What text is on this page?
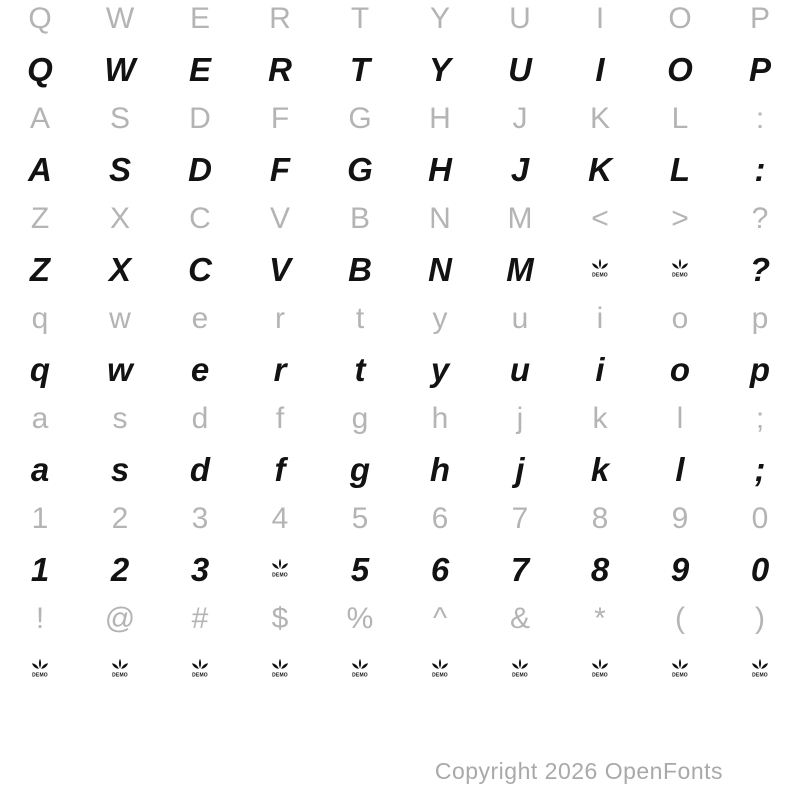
Q W E R T Y U I O P
Q W E R T Y U I O P
A S D F G H J K L :
A S D F G H J K L :
Z X C V B N M < > ?
Z X C V B N M	DEMO	DEMO ?
q w e r t y u i o p
q w e r t y u i o p
a s d f g h j k l ;
a s d f g h j k l ;
1 2 3 4 5 6 7 8 9 0
1 2 3	DEMO 5 6 7 8 9 0
! @ # $ % ^ & * ( )
DEMO	DEMO	DEMO	DEMO	DEMO	DEMO	DEMO	DEMO	DEMO	DEMO
Copyright 2026 OpenFonts
